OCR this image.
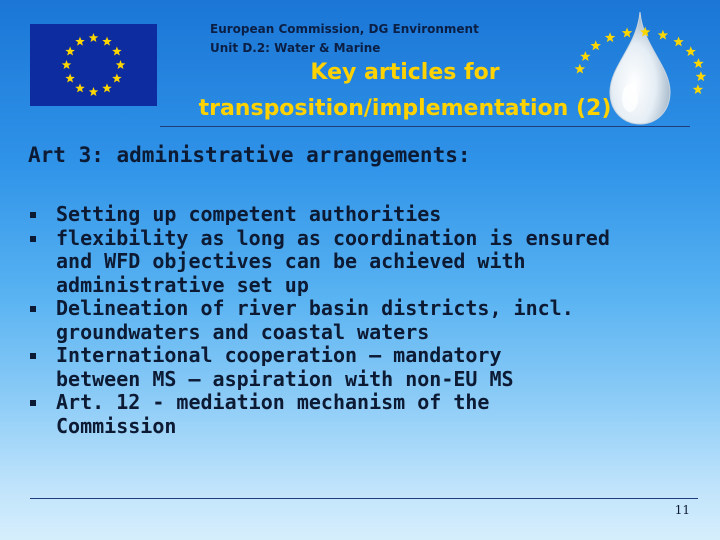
European Commission, DG Environment
Unit D.2: Water & Marine
Key articles for
transposition/implementation (2)
Art 3: administrative arrangements:
Setting up competent authorities
flexibility as long as coordination is ensured
and WFD objectives can be achieved with
administrative set up
Delineation of river basin districts, incl.
groundwaters and coastal waters
International cooperation – mandatory
between MS – aspiration with non-EU MS
Art. 12 - mediation mechanism of the
Commission
11
